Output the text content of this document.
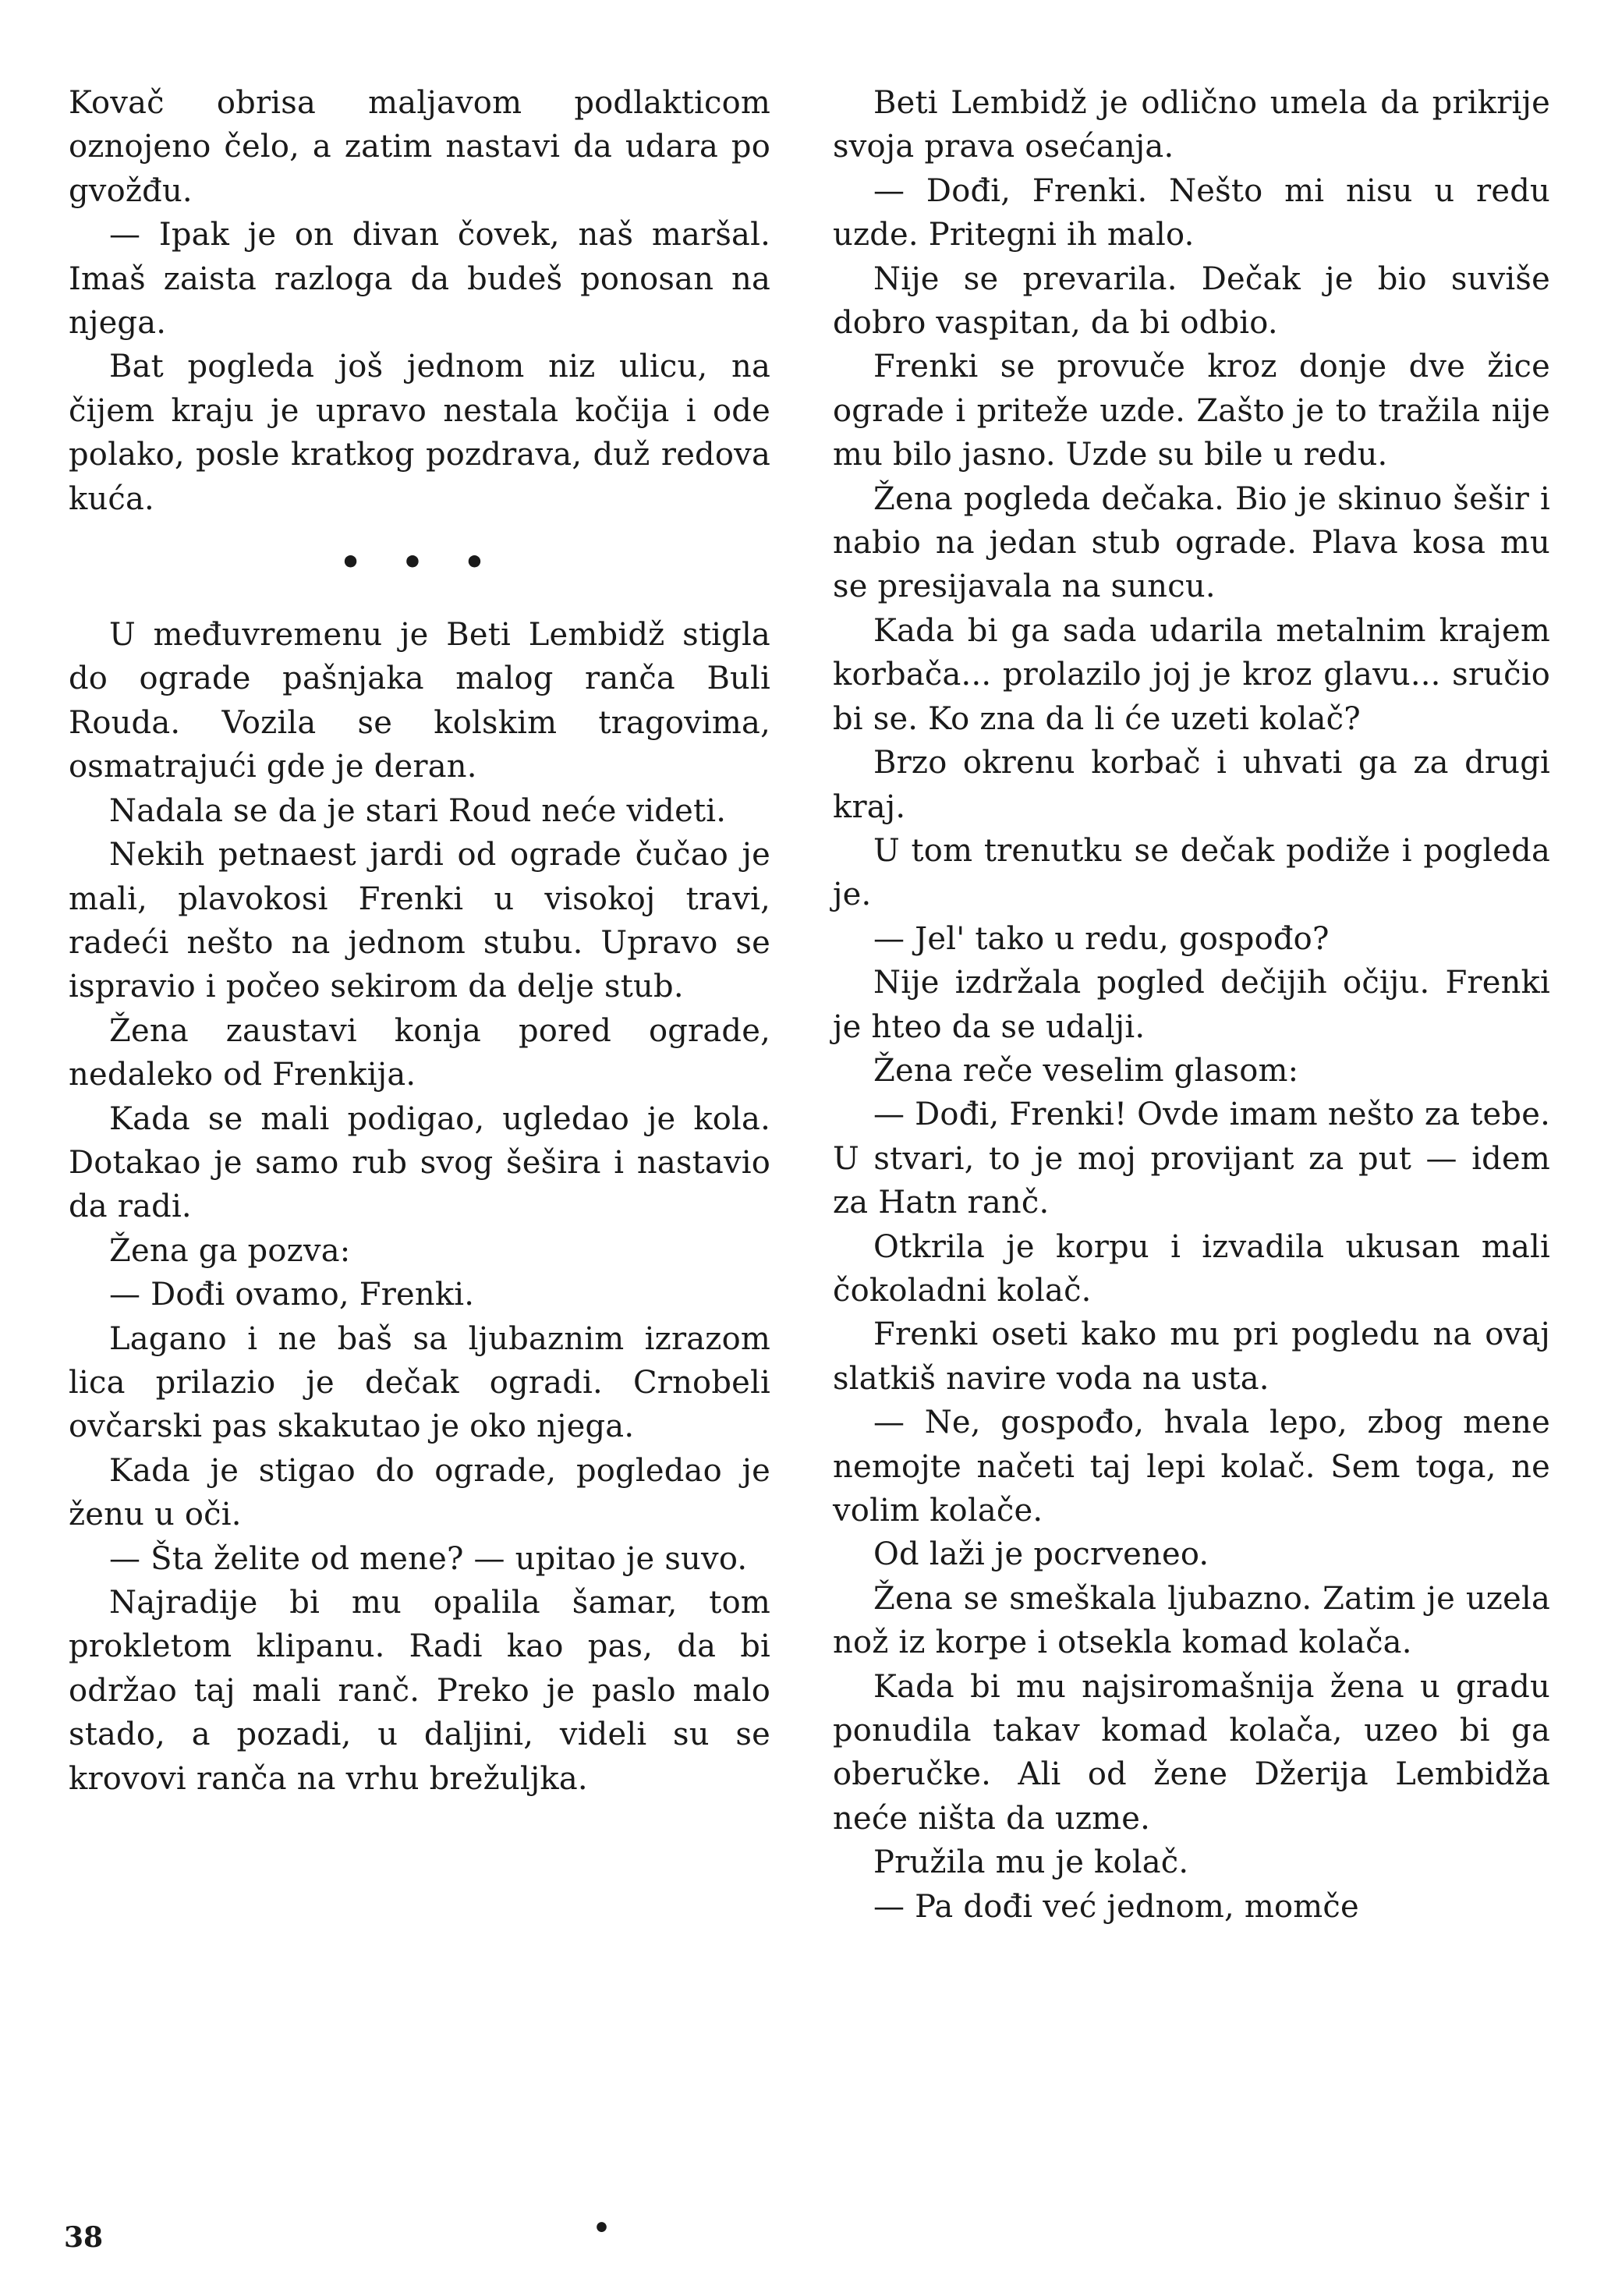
Kovač obrisa maljavom podlakticom oznojeno čelo, a zatim nastavi da udara po gvožđu.

— Ipak je on divan čovek, naš maršal. Imaš zaista razloga da budeš ponosan na njega.

Bat pogleda još jednom niz ulicu, na čijem kraju je upravo nestala kočija i ode polako, posle kratkog pozdrava, duž redova kuća.

• • •

U međuvremenu je Beti Lembidž stigla do ograde pašnjaka malog ranča Buli Rouda. Vozila se kolskim tragovima, osmatrajući gde je deran.

Nadala se da je stari Roud neće videti.

Nekih petnaest jardi od ograde čučao je mali, plavokosi Frenki u visokoj travi, radeći nešto na jednom stubu. Upravo se ispravio i počeo sekirom da delje stub.

Žena zaustavi konja pored ograde, nedaleko od Frenkija.

Kada se mali podigao, ugledao je kola. Dotakao je samo rub svog šešira i nastavio da radi.

Žena ga pozva:

— Dođi ovamo, Frenki.

Lagano i ne baš sa ljubaznim izrazom lica prilazio je dečak ogradi. Crnobeli ovčarski pas skakutao je oko njega.

Kada je stigao do ograde, pogledao je ženu u oči.

— Šta želite od mene? — upitao je suvo.

Najradije bi mu opalila šamar, tom prokletom klipanu. Radi kao pas, da bi održao taj mali ranč. Preko je paslo malo stado, a pozadi, u daljini, videli su se krovovi ranča na vrhu brežuljka.

Beti Lembidž je odlično umela da prikrije svoja prava osećanja.

— Dođi, Frenki. Nešto mi nisu u redu uzde. Pritegni ih malo.

Nije se prevarila. Dečak je bio suviše dobro vaspitan, da bi odbio.

Frenki se provuče kroz donje dve žice ograde i priteže uzde. Zašto je to tražila nije mu bilo jasno. Uzde su bile u redu.

Žena pogleda dečaka. Bio je skinuo šešir i nabio na jedan stub ograde. Plava kosa mu se presijavala na suncu.

Kada bi ga sada udarila metalnim krajem korbača... prolazilo joj je kroz glavu... sručio bi se. Ko zna da li će uzeti kolač?

Brzo okrenu korbač i uhvati ga za drugi kraj.

U tom trenutku se dečak podiže i pogleda je.

— Jel' tako u redu, gospođo?

Nije izdržala pogled dečijih očiju. Frenki je hteo da se udalji.

Žena reče veselim glasom:

— Dođi, Frenki! Ovde imam nešto za tebe. U stvari, to je moj provijant za put — idem za Hatn ranč.

Otkrila je korpu i izvadila ukusan mali čokoladni kolač.

Frenki oseti kako mu pri pogledu na ovaj slatkiš navire voda na usta.

— Ne, gospođo, hvala lepo, zbog mene nemojte načeti taj lepi kolač. Sem toga, ne volim kolače.

Od laži je pocrveneo.

Žena se smeškala ljubazno. Zatim je uzela nož iz korpe i otsekla komad kolača.

Kada bi mu najsiromašnija žena u gradu ponudila takav komad kolača, uzeo bi ga oberučke. Ali od žene Džerija Lembidža neće ništa da uzme.

Pružila mu je kolač.

— Pa dođi već jednom, momče

38	•
